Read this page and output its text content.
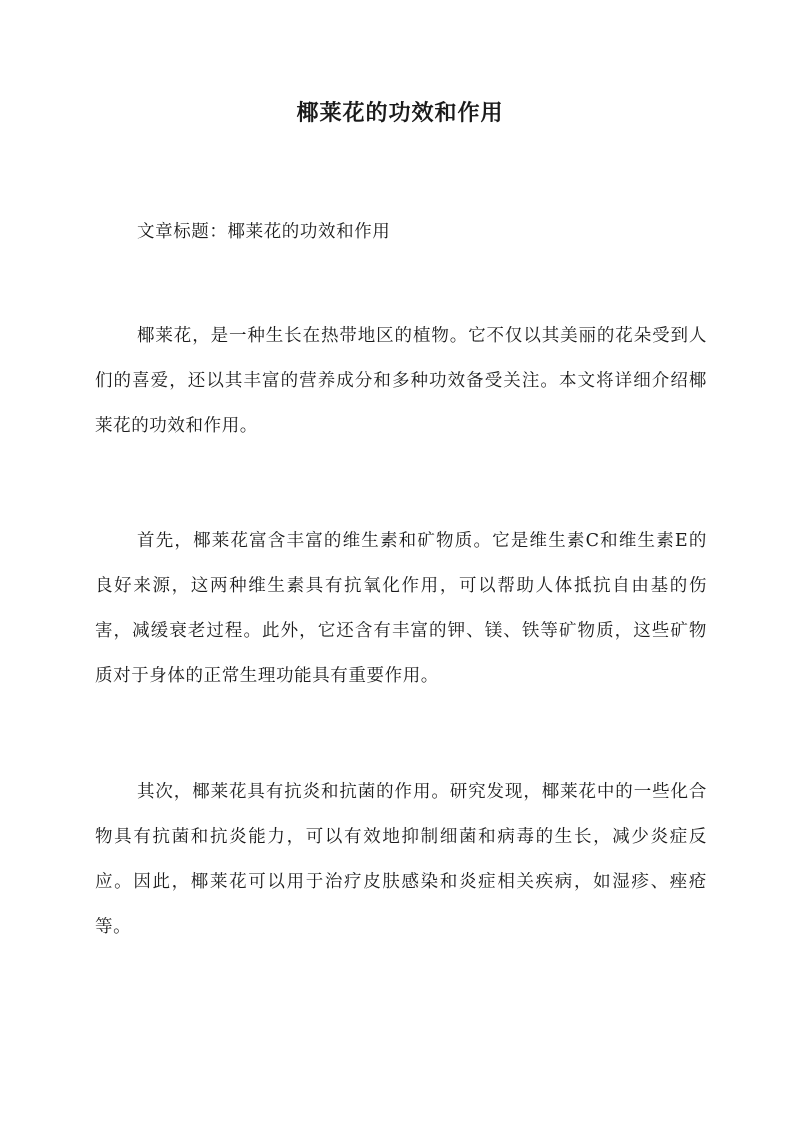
椰莱花的功效和作用

文章标题：椰莱花的功效和作用

椰莱花，是一种生长在热带地区的植物。它不仅以其美丽的花朵受到人们的喜爱，还以其丰富的营养成分和多种功效备受关注。本文将详细介绍椰莱花的功效和作用。

首先，椰莱花富含丰富的维生素和矿物质。它是维生素C和维生素E的良好来源，这两种维生素具有抗氧化作用，可以帮助人体抵抗自由基的伤害，减缓衰老过程。此外，它还含有丰富的钾、镁、铁等矿物质，这些矿物质对于身体的正常生理功能具有重要作用。

其次，椰莱花具有抗炎和抗菌的作用。研究发现，椰莱花中的一些化合物具有抗菌和抗炎能力，可以有效地抑制细菌和病毒的生长，减少炎症反应。因此，椰莱花可以用于治疗皮肤感染和炎症相关疾病，如湿疹、痤疮等。
